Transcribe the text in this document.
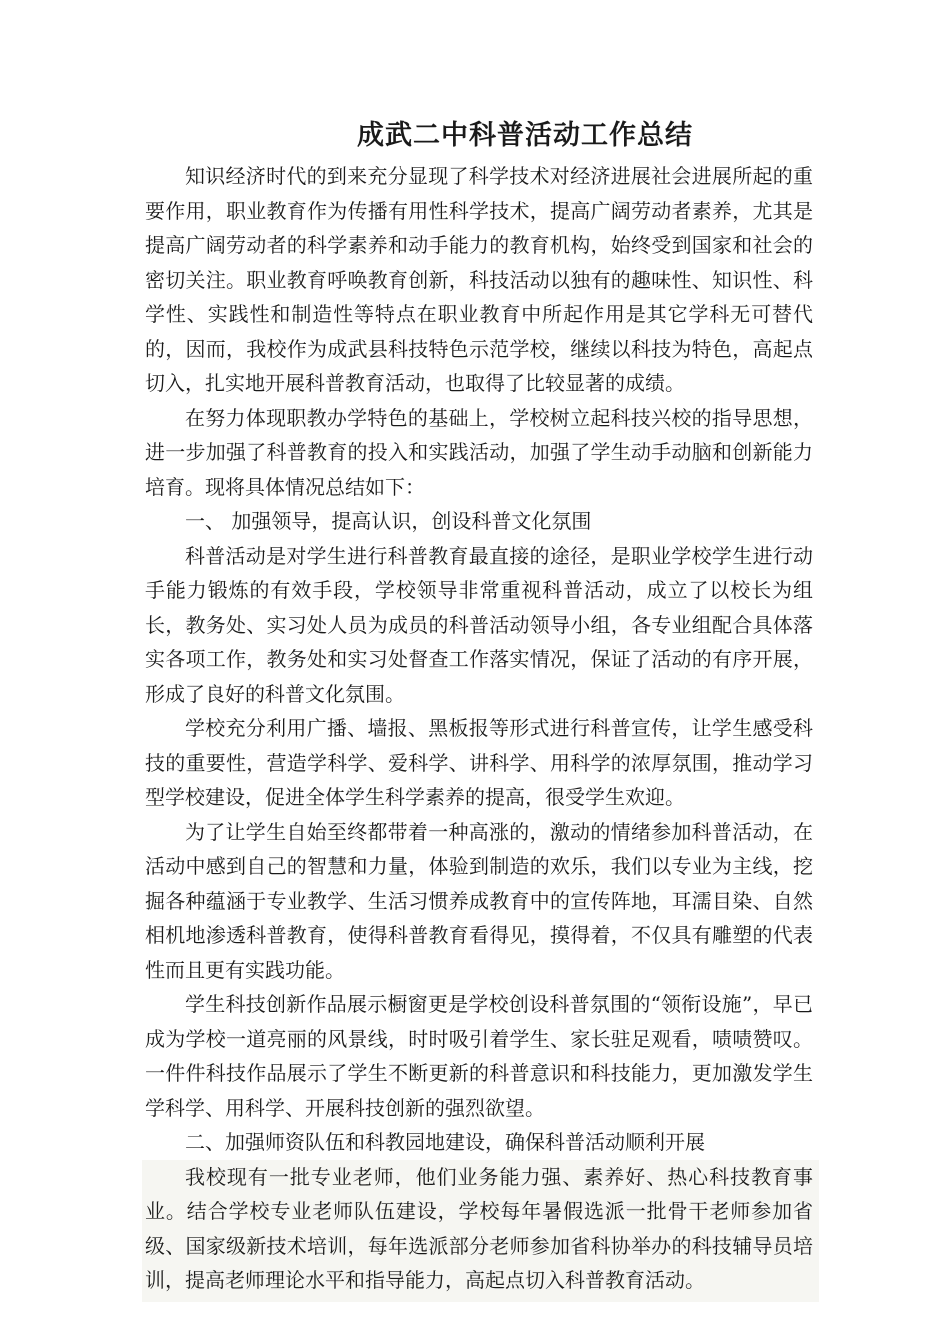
成武二中科普活动工作总结

知识经济时代的到来充分显现了科学技术对经济进展社会进展所起的重要作用，职业教育作为传播有用性科学技术，提高广阔劳动者素养，尤其是提高广阔劳动者的科学素养和动手能力的教育机构，始终受到国家和社会的密切关注。职业教育呼唤教育创新，科技活动以独有的趣味性、知识性、科学性、实践性和制造性等特点在职业教育中所起作用是其它学科无可替代的，因而，我校作为成武县科技特色示范学校，继续以科技为特色，高起点切入，扎实地开展科普教育活动，也取得了比较显著的成绩。

在努力体现职教办学特色的基础上，学校树立起科技兴校的指导思想，进一步加强了科普教育的投入和实践活动，加强了学生动手动脑和创新能力培育。现将具体情况总结如下：

一、 加强领导，提高认识，创设科普文化氛围

科普活动是对学生进行科普教育最直接的途径，是职业学校学生进行动手能力锻炼的有效手段，学校领导非常重视科普活动，成立了以校长为组长，教务处、实习处人员为成员的科普活动领导小组，各专业组配合具体落实各项工作，教务处和实习处督查工作落实情况，保证了活动的有序开展，形成了良好的科普文化氛围。

学校充分利用广播、墙报、黑板报等形式进行科普宣传，让学生感受科技的重要性，营造学科学、爱科学、讲科学、用科学的浓厚氛围，推动学习型学校建设，促进全体学生科学素养的提高，很受学生欢迎。

为了让学生自始至终都带着一种高涨的，激动的情绪参加科普活动，在活动中感到自己的智慧和力量，体验到制造的欢乐，我们以专业为主线，挖掘各种蕴涵于专业教学、生活习惯养成教育中的宣传阵地，耳濡目染、自然相机地渗透科普教育，使得科普教育看得见，摸得着，不仅具有雕塑的代表性而且更有实践功能。

学生科技创新作品展示橱窗更是学校创设科普氛围的“领衔设施”，早已成为学校一道亮丽的风景线，时时吸引着学生、家长驻足观看，啧啧赞叹。一件件科技作品展示了学生不断更新的科普意识和科技能力，更加激发学生学科学、用科学、开展科技创新的强烈欲望。

二、加强师资队伍和科教园地建设，确保科普活动顺利开展

我校现有一批专业老师，他们业务能力强、素养好、热心科技教育事业。结合学校专业老师队伍建设，学校每年暑假选派一批骨干老师参加省级、国家级新技术培训，每年选派部分老师参加省科协举办的科技辅导员培训，提高老师理论水平和指导能力，高起点切入科普教育活动。
